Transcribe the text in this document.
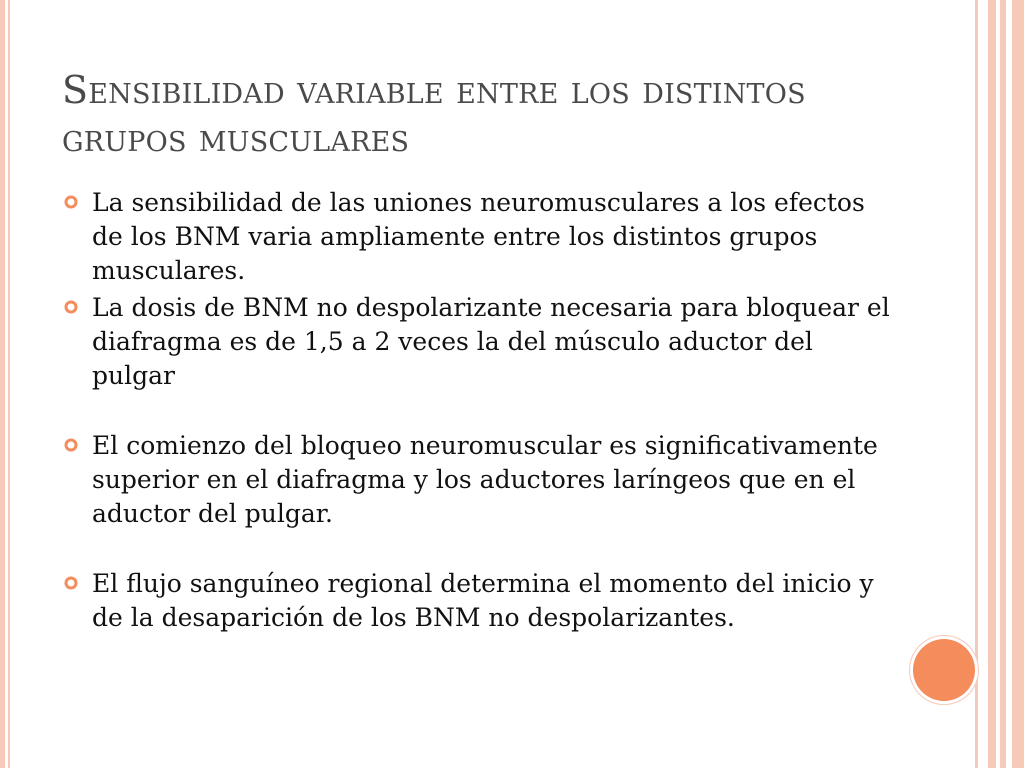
Sensibilidad variable entre los distintos grupos musculares
La sensibilidad de las uniones neuromusculares a los efectos de los BNM varia ampliamente entre los distintos grupos musculares.
La dosis de BNM no despolarizante necesaria para bloquear el diafragma es de 1,5 a 2 veces la del músculo aductor del pulgar
El comienzo del bloqueo neuromuscular es significativamente superior en el diafragma y los aductores laríngeos que en el aductor del pulgar.
El flujo sanguíneo regional determina el momento del inicio y de la desaparición de los BNM no despolarizantes.
